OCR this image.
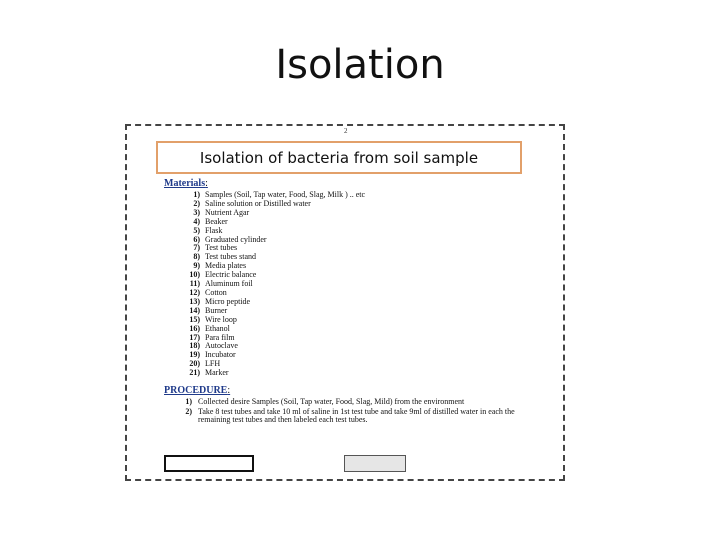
Isolation
2
Isolation of bacteria from soil sample
Materials:
1) Samples (Soil, Tap water, Food, Slag, Milk ) .. etc
2) Saline solution or Distilled water
3) Nutrient Agar
4) Beaker
5) Flask
6) Graduated cylinder
7) Test tubes
8) Test tubes stand
9) Media plates
10) Electric balance
11) Aluminum foil
12) Cotton
13) Micro peptide
14) Burner
15) Wire loop
16) Ethanol
17) Para film
18) Autoclave
19) Incubator
20) LFH
21) Marker
PROCEDURE:
1) Collected desire Samples (Soil, Tap water, Food, Slag, Mild) from the environment
2) Take 8 test tubes and take 10 ml of saline in 1st test tube and take 9ml of distilled water in each the remaining test tubes and then labeled each test tubes.
